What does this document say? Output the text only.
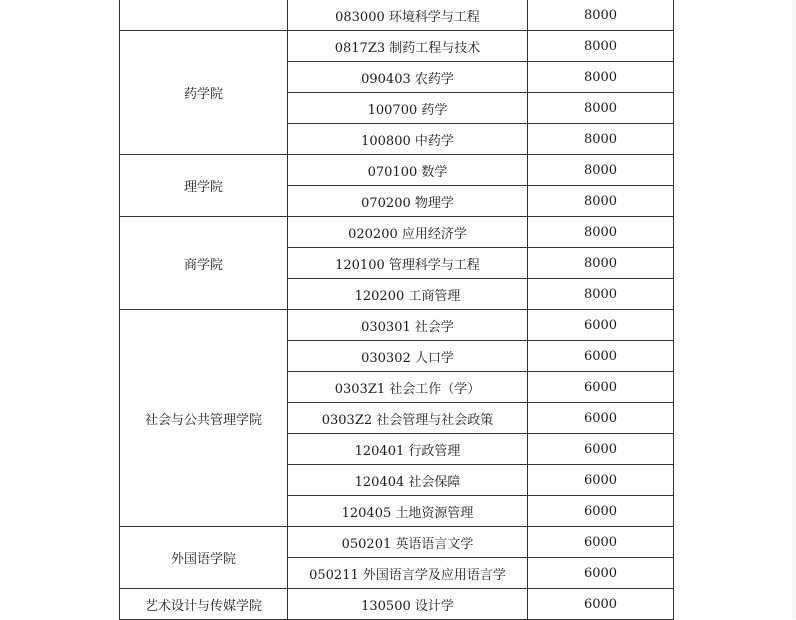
	083000 环境科学与工程	8000
药学院	0817Z3 制药工程与技术	8000
	090403 农药学	8000
	100700 药学	8000
	100800 中药学	8000
理学院	070100 数学	8000
	070200 物理学	8000
商学院	020200 应用经济学	8000
	120100 管理科学与工程	8000
	120200 工商管理	8000
社会与公共管理学院	030301 社会学	6000
	030302 人口学	6000
	0303Z1 社会工作（学）	6000
	0303Z2 社会管理与社会政策	6000
	120401 行政管理	6000
	120404 社会保障	6000
	120405 土地资源管理	6000
外国语学院	050201 英语语言文学	6000
	050211 外国语言学及应用语言学	6000
艺术设计与传媒学院	130500 设计学	6000
